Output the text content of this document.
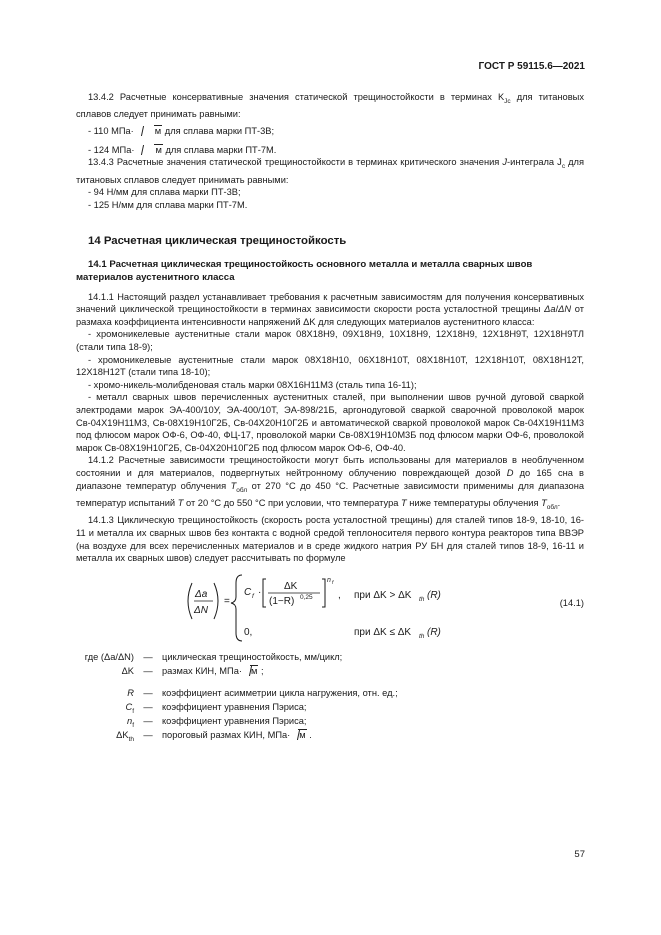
ГОСТ Р 59115.6—2021

13.4.2 Расчетные консервативные значения статической трещиностойкости в терминах $K_{Jc}$ для титановых сплавов следует принимать равными:

- 110 МПа· м для сплава марки ПТ-3В;

- 124 МПа· м для сплава марки ПТ-7М.

13.4.3 Расчетные значения статической трещиностойкости в терминах критического значения J-интеграла $J_c$ для титановых сплавов следует принимать равными:

- 94 Н/мм для сплава марки ПТ-3В;

- 125 Н/мм для сплава марки ПТ-7М.

14 Расчетная циклическая трещиностойкость
14.1 Расчетная циклическая трещиностойкость основного металла и металла сварных швов материалов аустенитного класса

14.1.1 Настоящий раздел устанавливает требования к расчетным зависимостям для получения консервативных значений циклической трещиностойкости в терминах зависимости скорости роста усталостной трещины Δa/ΔN от размаха коэффициента интенсивности напряжений ΔK для следующих материалов аустенитного класса:

- хромоникелевые аустенитные стали марок 08Х18Н9, 09Х18Н9, 10Х18Н9, 12Х18Н9, 12Х18Н9Т, 12Х18Н9ТЛ (стали типа 18-9);

- хромоникелевые аустенитные стали марок 08Х18Н10, 06Х18Н10Т, 08Х18Н10Т, 12Х18Н10Т, 08Х18Н12Т, 12Х18Н12Т (стали типа 18-10);

- хромо-никель-молибденовая сталь марки 08Х16Н11М3 (сталь типа 16-11);

- металл сварных швов перечисленных аустенитных сталей, при выполнении швов ручной дуговой сваркой электродами марок ЭА-400/10У, ЭА-400/10Т, ЭА-898/21Б, аргонодуговой сваркой сварочной проволокой марок Св-04Х19Н11М3, Св-08Х19Н10Г2Б, Св-04Х20Н10Г2Б и автоматической сваркой проволокой марок Св-04Х19Н11М3 под флюсом марок ОФ-6, ОФ-40, ФЦ-17, проволокой марки Св-08Х19Н10М3Б под флюсом марки ОФ-6, проволокой марок Св-08Х19Н10Г2Б, Св-04Х20Н10Г2Б под флюсом марок ОФ-6, ОФ-40.

14.1.2 Расчетные зависимости трещиностойкости могут быть использованы для материалов в необлученном состоянии и для материалов, подвергнутых нейтронному облучению повреждающей дозой D до 165 сна в диапазоне температур облучения $T_{обл}$ от 270 °С до 450 °С. Расчетные зависимости применимы для диапазона температур испытаний T от 20 °С до 550 °С при условии, что температура T ниже температуры облучения $T_{обл}$.

14.1.3 Циклическую трещиностойкость (скорость роста усталостной трещины) для сталей типов 18-9, 18-10, 16-11 и металла их сварных швов без контакта с водной средой теплоносителя первого контура реакторов типа ВВЭР (на воздухе для всех перечисленных материалов и в среде жидкого натрия РУ БН для сталей типов 18-9, 16-11 и металла их сварных швов) следует рассчитывать по формуле

Δa
ΔN
=
C f ·
ΔK
(1−R) 0,25
n f
, при ΔK > ΔK th (R)
0,	при ΔK ≤ ΔK th (R)
(14.1)
где (Δa/ΔN)	—	циклическая трещиностойкость, мм/цикл;
ΔK	—	размах КИН, МПа· м ;
R	—	коэффициент асимметрии цикла нагружения, отн. ед.;
$C_f$	—	коэффициент уравнения Пэриса;
$n_f$	—	коэффициент уравнения Пэриса;
$\Delta K_{th}$	—	пороговый размах КИН, МПа· м .
57
